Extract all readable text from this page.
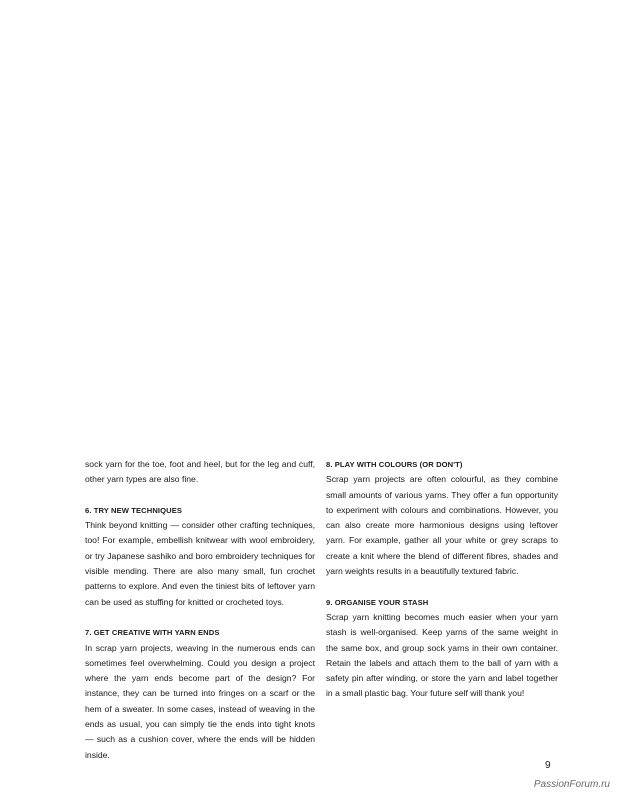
sock yarn for the toe, foot and heel, but for the leg and cuff, other yarn types are also fine.

6. TRY NEW TECHNIQUES

Think beyond knitting — consider other crafting techniques, too! For example, embellish knitwear with wool embroidery, or try Japanese sashiko and boro embroidery techniques for visible mending. There are also many small, fun crochet patterns to explore. And even the tiniest bits of leftover yarn can be used as stuffing for knitted or crocheted toys.

7. GET CREATIVE WITH YARN ENDS

In scrap yarn projects, weaving in the numerous ends can sometimes feel overwhelming. Could you design a project where the yarn ends become part of the design? For instance, they can be turned into fringes on a scarf or the hem of a sweater. In some cases, instead of weaving in the ends as usual, you can simply tie the ends into tight knots — such as a cushion cover, where the ends will be hidden inside.

8. PLAY WITH COLOURS (OR DON'T)

Scrap yarn projects are often colourful, as they combine small amounts of various yarns. They offer a fun opportunity to experiment with colours and combinations. However, you can also create more harmonious designs using leftover yarn. For example, gather all your white or grey scraps to create a knit where the blend of different fibres, shades and yarn weights results in a beautifully textured fabric.

9. ORGANISE YOUR STASH

Scrap yarn knitting becomes much easier when your yarn stash is well-organised. Keep yarns of the same weight in the same box, and group sock yarns in their own container. Retain the labels and attach them to the ball of yarn with a safety pin after winding, or store the yarn and label together in a small plastic bag. Your future self will thank you!

9
PassionForum.ru
